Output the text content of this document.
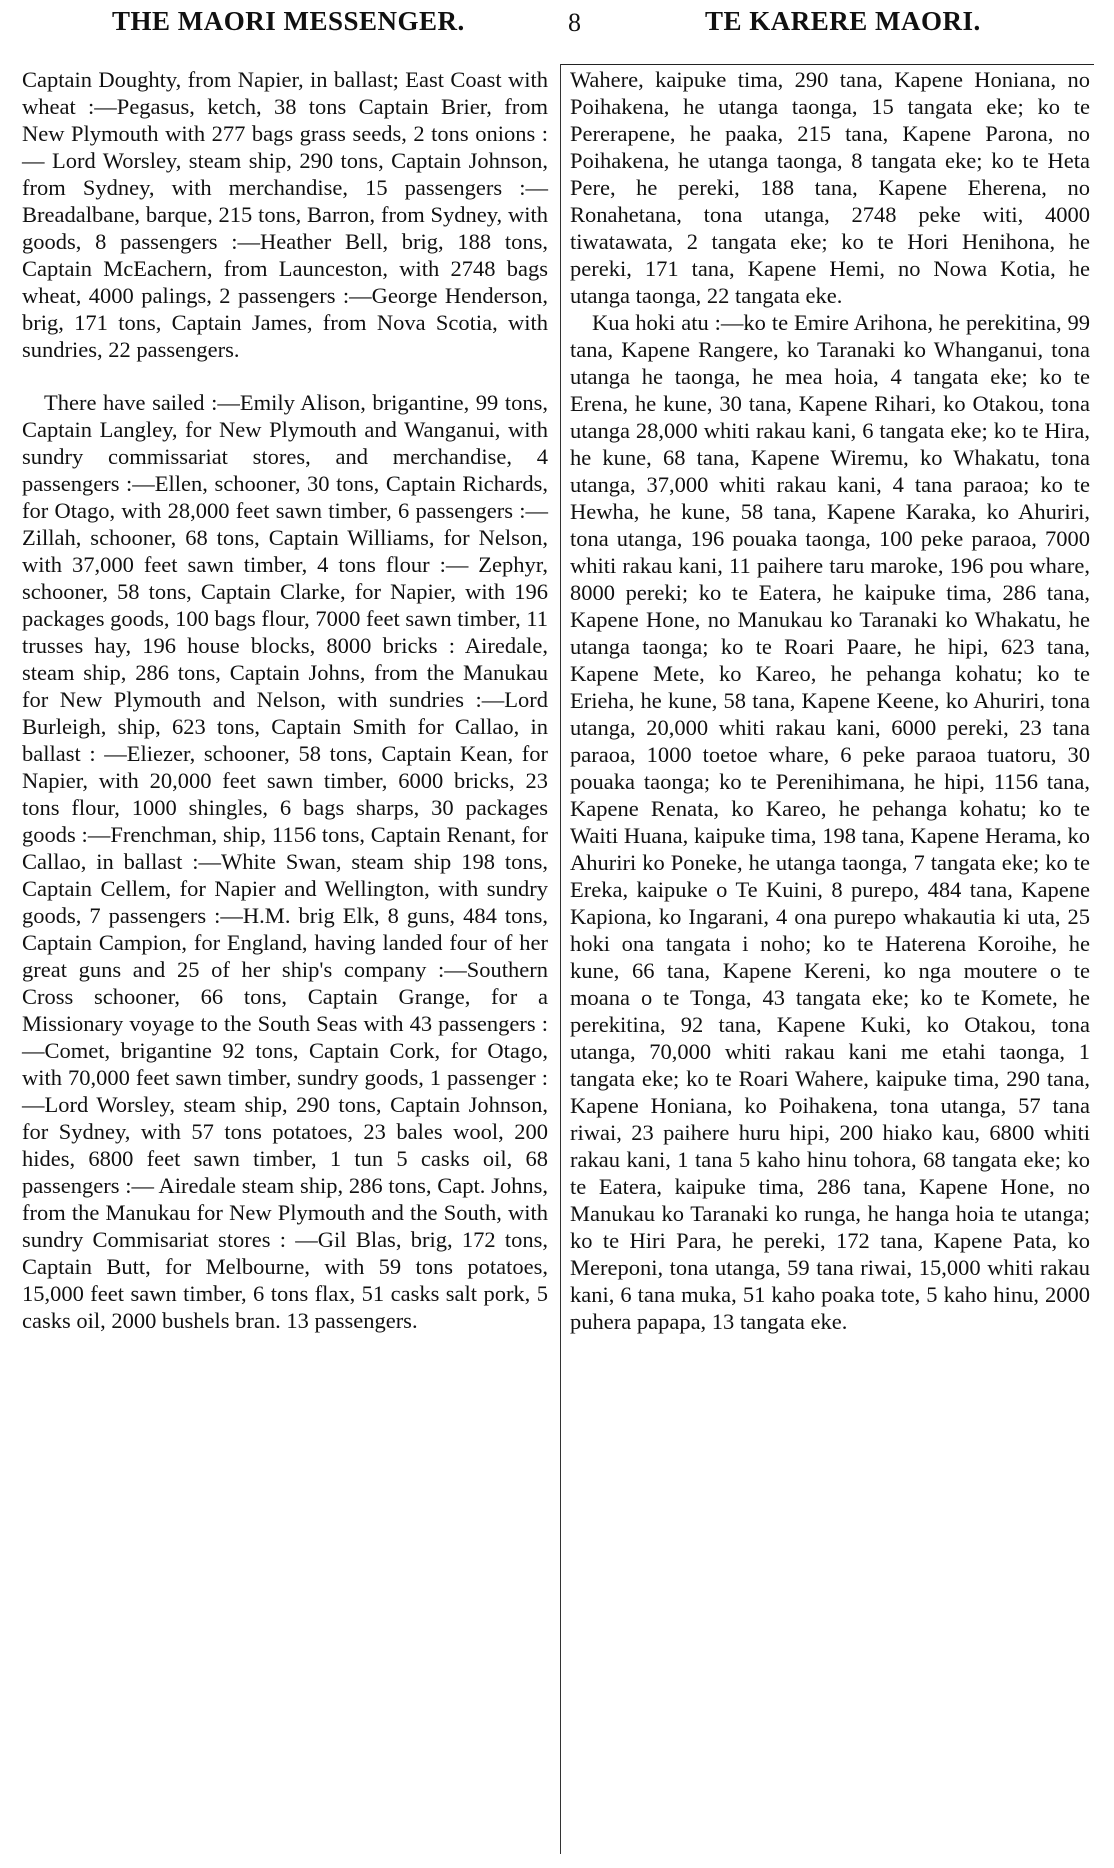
THE MAORI MESSENGER.	8	TE KARERE MAORI.

Captain Doughty, from Napier, in ballast; East Coast with wheat :—Pegasus, ketch, 38 tons Captain Brier, from New Plymouth with 277 bags grass seeds, 2 tons onions :— Lord Worsley, steam ship, 290 tons, Captain Johnson, from Sydney, with merchandise, 15 passengers :—Breadalbane, barque, 215 tons, Barron, from Sydney, with goods, 8 passengers :—Heather Bell, brig, 188 tons, Captain McEachern, from Launceston, with 2748 bags wheat, 4000 palings, 2 passengers :—George Henderson, brig, 171 tons, Captain James, from Nova Scotia, with sundries, 22 passengers.

There have sailed :—Emily Alison, brigantine, 99 tons, Captain Langley, for New Plymouth and Wanganui, with sundry commissariat stores, and merchandise, 4 passengers :—Ellen, schooner, 30 tons, Captain Richards, for Otago, with 28,000 feet sawn timber, 6 passengers :—Zillah, schooner, 68 tons, Captain Williams, for Nelson, with 37,000 feet sawn timber, 4 tons flour :— Zephyr, schooner, 58 tons, Captain Clarke, for Napier, with 196 packages goods, 100 bags flour, 7000 feet sawn timber, 11 trusses hay, 196 house blocks, 8000 bricks : Airedale, steam ship, 286 tons, Captain Johns, from the Manukau for New Plymouth and Nelson, with sundries :—Lord Burleigh, ship, 623 tons, Captain Smith for Callao, in ballast : —Eliezer, schooner, 58 tons, Captain Kean, for Napier, with 20,000 feet sawn timber, 6000 bricks, 23 tons flour, 1000 shingles, 6 bags sharps, 30 packages goods :—Frenchman, ship, 1156 tons, Captain Renant, for Callao, in ballast :—White Swan, steam ship 198 tons, Captain Cellem, for Napier and Wellington, with sundry goods, 7 passengers :—H.M. brig Elk, 8 guns, 484 tons, Captain Campion, for England, having landed four of her great guns and 25 of her ship's company :—Southern Cross schooner, 66 tons, Captain Grange, for a Missionary voyage to the South Seas with 43 passengers :—Comet, brigantine 92 tons, Captain Cork, for Otago, with 70,000 feet sawn timber, sundry goods, 1 passenger :—Lord Worsley, steam ship, 290 tons, Captain Johnson, for Sydney, with 57 tons potatoes, 23 bales wool, 200 hides, 6800 feet sawn timber, 1 tun 5 casks oil, 68 passengers :— Airedale steam ship, 286 tons, Capt. Johns, from the Manukau for New Plymouth and the South, with sundry Commisariat stores : —Gil Blas, brig, 172 tons, Captain Butt, for Melbourne, with 59 tons potatoes, 15,000 feet sawn timber, 6 tons flax, 51 casks salt pork, 5 casks oil, 2000 bushels bran. 13 passengers.

Wahere, kaipuke tima, 290 tana, Kapene Honiana, no Poihakena, he utanga taonga, 15 tangata eke; ko te Pererapene, he paaka, 215 tana, Kapene Parona, no Poihakena, he utanga taonga, 8 tangata eke; ko te Heta Pere, he pereki, 188 tana, Kapene Eherena, no Ronahetana, tona utanga, 2748 peke witi, 4000 tiwatawata, 2 tangata eke; ko te Hori Henihona, he pereki, 171 tana, Kapene Hemi, no Nowa Kotia, he utanga taonga, 22 tangata eke.

Kua hoki atu :—ko te Emire Arihona, he perekitina, 99 tana, Kapene Rangere, ko Taranaki ko Whanganui, tona utanga he taonga, he mea hoia, 4 tangata eke; ko te Erena, he kune, 30 tana, Kapene Rihari, ko Otakou, tona utanga 28,000 whiti rakau kani, 6 tangata eke; ko te Hira, he kune, 68 tana, Kapene Wiremu, ko Whakatu, tona utanga, 37,000 whiti rakau kani, 4 tana paraoa; ko te Hewha, he kune, 58 tana, Kapene Karaka, ko Ahuriri, tona utanga, 196 pouaka taonga, 100 peke paraoa, 7000 whiti rakau kani, 11 paihere taru maroke, 196 pou whare, 8000 pereki; ko te Eatera, he kaipuke tima, 286 tana, Kapene Hone, no Manukau ko Taranaki ko Whakatu, he utanga taonga; ko te Roari Paare, he hipi, 623 tana, Kapene Mete, ko Kareo, he pehanga kohatu; ko te Erieha, he kune, 58 tana, Kapene Keene, ko Ahuriri, tona utanga, 20,000 whiti rakau kani, 6000 pereki, 23 tana paraoa, 1000 toetoe whare, 6 peke paraoa tuatoru, 30 pouaka taonga; ko te Perenihimana, he hipi, 1156 tana, Kapene Renata, ko Kareo, he pehanga kohatu; ko te Waiti Huana, kaipuke tima, 198 tana, Kapene Herama, ko Ahuriri ko Poneke, he utanga taonga, 7 tangata eke; ko te Ereka, kaipuke o Te Kuini, 8 purepo, 484 tana, Kapene Kapiona, ko Ingarani, 4 ona purepo whakautia ki uta, 25 hoki ona tangata i noho; ko te Haterena Koroihe, he kune, 66 tana, Kapene Kereni, ko nga moutere o te moana o te Tonga, 43 tangata eke; ko te Komete, he perekitina, 92 tana, Kapene Kuki, ko Otakou, tona utanga, 70,000 whiti rakau kani me etahi taonga, 1 tangata eke; ko te Roari Wahere, kaipuke tima, 290 tana, Kapene Honiana, ko Poihakena, tona utanga, 57 tana riwai, 23 paihere huru hipi, 200 hiako kau, 6800 whiti rakau kani, 1 tana 5 kaho hinu tohora, 68 tangata eke; ko te Eatera, kaipuke tima, 286 tana, Kapene Hone, no Manukau ko Taranaki ko runga, he hanga hoia te utanga; ko te Hiri Para, he pereki, 172 tana, Kapene Pata, ko Mereponi, tona utanga, 59 tana riwai, 15,000 whiti rakau kani, 6 tana muka, 51 kaho poaka tote, 5 kaho hinu, 2000 puhera papapa, 13 tangata eke.
